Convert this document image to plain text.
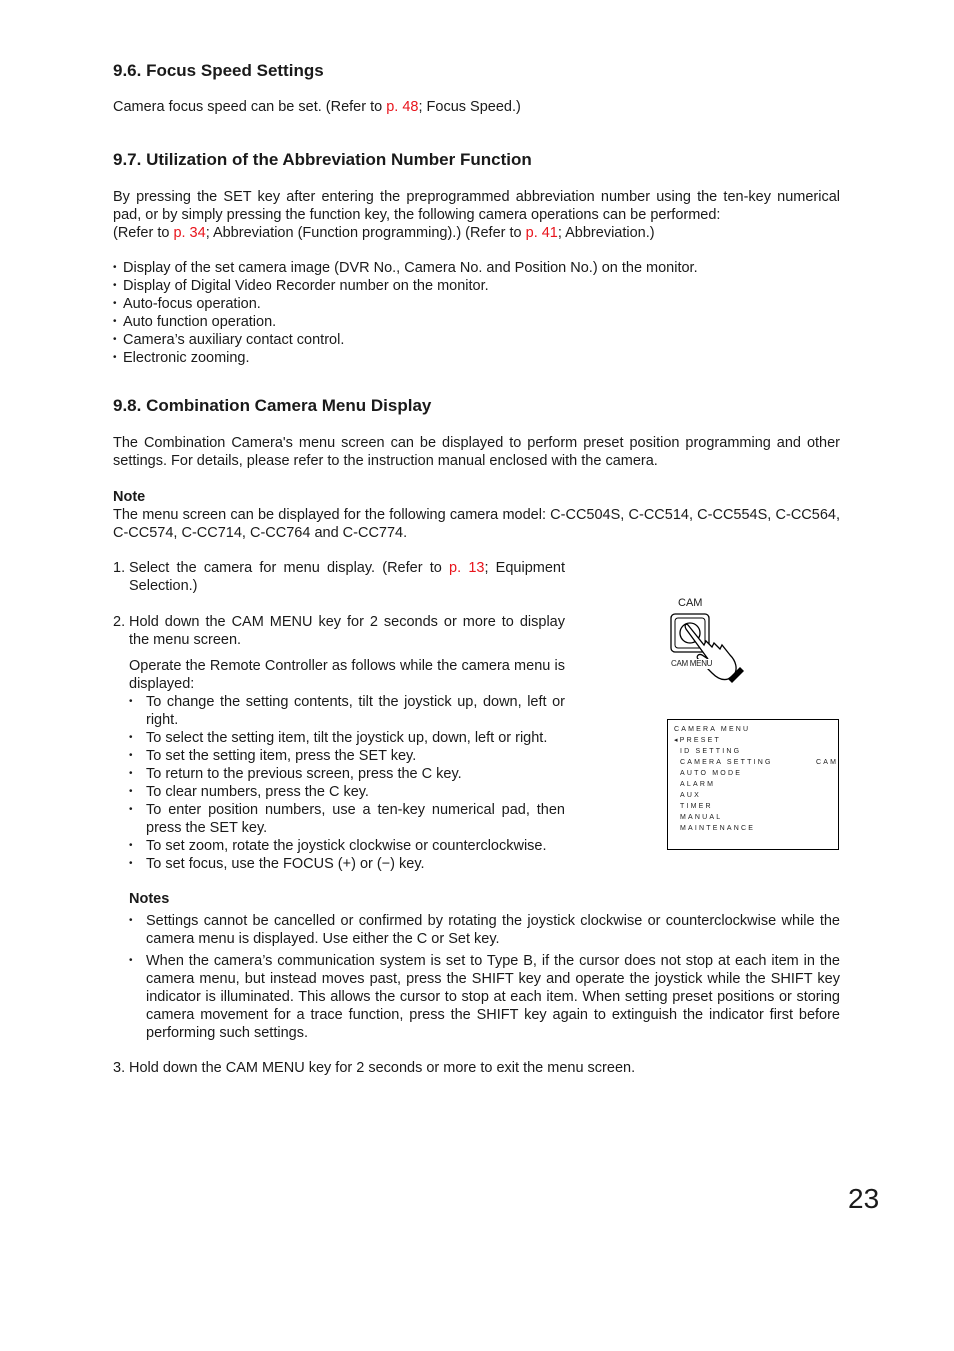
9.6. Focus Speed Settings

Camera focus speed can be set. (Refer to p. 48; Focus Speed.)

9.7. Utilization of the Abbreviation Number Function

By pressing the SET key after entering the preprogrammed abbreviation number using the ten-key numerical pad, or by simply pressing the function key, the following camera operations can be performed:

(Refer to p. 34; Abbreviation (Function programming).) (Refer to p. 41; Abbreviation.)

• Display of the set camera image (DVR No., Camera No. and Position No.) on the monitor.
• Display of Digital Video Recorder number on the monitor.
• Auto-focus operation.
• Auto function operation.
• Camera’s auxiliary contact control.
• Electronic zooming.
9.8. Combination Camera Menu Display

The Combination Camera's menu screen can be displayed to perform preset position programming and other settings. For details, please refer to the instruction manual enclosed with the camera.

Note

The menu screen can be displayed for the following camera model: C-CC504S, C-CC514, C-CC554S, C-CC564, C-CC574, C-CC714, C-CC764 and C-CC774.

1. Select the camera for menu display. (Refer to p. 13; Equipment Selection.)

2. Hold down the CAM MENU key for 2 seconds or more to display the menu screen.

Operate the Remote Controller as follows while the camera menu is displayed:

• To change the setting contents, tilt the joystick up, down, left or right.
• To select the setting item, tilt the joystick up, down, left or right.
• To set the setting item, press the SET key.
• To return to the previous screen, press the C key.
• To clear numbers, press the C key.
• To enter position numbers, use a ten-key numerical pad, then press the SET key.
• To set zoom, rotate the joystick clockwise or counterclockwise.
• To set focus, use the FOCUS (+) or (−) key.
CAM
CAM MENU
CAMERA MENU
◂PRESET
ID SETTING
CAMERA SETTING	CAM
AUTO MODE
ALARM
AUX
TIMER
MANUAL
MAINTENANCE

Notes

• Settings cannot be cancelled or confirmed by rotating the joystick clockwise or counterclockwise while the camera menu is displayed. Use either the C or Set key.
• When the camera’s communication system is set to Type B, if the cursor does not stop at each item in the camera menu, but instead moves past, press the SHIFT key and operate the joystick while the SHIFT key indicator is illuminated. This allows the cursor to stop at each item. When setting preset positions or storing camera movement for a trace function, press the SHIFT key again to extinguish the indicator first before performing such settings.
3. Hold down the CAM MENU key for 2 seconds or more to exit the menu screen.

23
